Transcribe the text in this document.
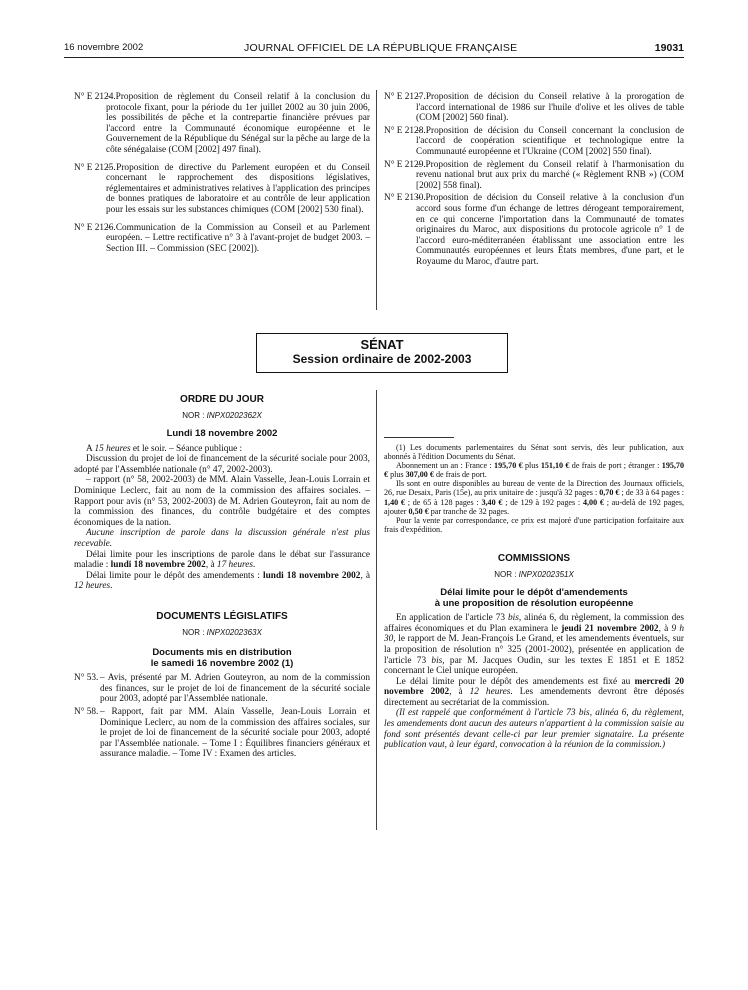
16 novembre 2002	JOURNAL OFFICIEL DE LA RÉPUBLIQUE FRANÇAISE	19031
N° E 2124.
– Proposition de règlement du Conseil relatif à la conclusion du protocole fixant, pour la période du 1er juillet 2002 au 30 juin 2006, les possibilités de pêche et la contrepartie financière prévues par l'accord entre la Communauté économique européenne et le Gouvernement de la République du Sénégal sur la pêche au large de la côte sénégalaise (COM [2002] 497 final).
N° E 2125.
– Proposition de directive du Parlement européen et du Conseil concernant le rapprochement des dispositions législatives, réglementaires et administratives relatives à l'application des principes de bonnes pratiques de laboratoire et au contrôle de leur application pour les essais sur les substances chimiques (COM [2002] 530 final).
N° E 2126.
– Communication de la Commission au Conseil et au Parlement européen. – Lettre rectificative n° 3 à l'avant-projet de budget 2003. – Section III. – Commission (SEC [2002]).
N° E 2127.
– Proposition de décision du Conseil relative à la prorogation de l'accord international de 1986 sur l'huile d'olive et les olives de table (COM [2002] 560 final).
N° E 2128.
– Proposition de décision du Conseil concernant la conclusion de l'accord de coopération scientifique et technologique entre la Communauté européenne et l'Ukraine (COM [2002] 550 final).
N° E 2129.
– Proposition de règlement du Conseil relatif à l'harmonisation du revenu national brut aux prix du marché (« Règlement RNB ») (COM [2002] 558 final).
N° E 2130.
– Proposition de décision du Conseil relative à la conclusion d'un accord sous forme d'un échange de lettres dérogeant temporairement, en ce qui concerne l'importation dans la Communauté de tomates originaires du Maroc, aux dispositions du protocole agricole n° 1 de l'accord euro-méditerranéen établissant une association entre les Communautés européennes et leurs États membres, d'une part, et le Royaume du Maroc, d'autre part.
SÉNAT
Session ordinaire de 2002-2003
ORDRE DU JOUR
NOR : INPX0202362X
Lundi 18 novembre 2002

A 15 heures et le soir. – Séance publique :

Discussion du projet de loi de financement de la sécurité sociale pour 2003, adopté par l'Assemblée nationale (n° 47, 2002-2003).

– rapport (n° 58, 2002-2003) de MM. Alain Vasselle, Jean-Louis Lorrain et Dominique Leclerc, fait au nom de la commission des affaires sociales. – Rapport pour avis (n° 53, 2002-2003) de M. Adrien Gouteyron, fait au nom de la commission des finances, du contrôle budgétaire et des comptes économiques de la nation.

Aucune inscription de parole dans la discussion générale n'est plus recevable.

Délai limite pour les inscriptions de parole dans le débat sur l'assurance maladie : lundi 18 novembre 2002, à 17 heures.

Délai limite pour le dépôt des amendements : lundi 18 novembre 2002, à 12 heures.

DOCUMENTS LÉGISLATIFS
NOR : INPX0202363X
Documents mis en distribution
le samedi 16 novembre 2002 (1)
N° 53. – Avis, présenté par M. Adrien Gouteyron, au nom de la commission des finances, sur le projet de loi de financement de la sécurité sociale pour 2003, adopté par l'Assemblée nationale.
N° 58. – Rapport, fait par MM. Alain Vasselle, Jean-Louis Lorrain et Dominique Leclerc, au nom de la commission des affaires sociales, sur le projet de loi de financement de la sécurité sociale pour 2003, adopté par l'Assemblée nationale. – Tome I : Équilibres financiers généraux et assurance maladie. – Tome IV : Examen des articles.

(1) Les documents parlementaires du Sénat sont servis, dès leur publication, aux abonnés à l'édition Documents du Sénat.

Abonnement un an : France : 195,70 € plus 151,10 € de frais de port ; étranger : 195,70 € plus 307,00 € de frais de port.

Ils sont en outre disponibles au bureau de vente de la Direction des Journaux officiels, 26, rue Desaix, Paris (15e), au prix unitaire de : jusqu'à 32 pages : 0,70 € ; de 33 à 64 pages : 1,40 € ; de 65 à 128 pages : 3,40 € ; de 129 à 192 pages : 4,00 € ; au-delà de 192 pages, ajouter 0,50 € par tranche de 32 pages.

Pour la vente par correspondance, ce prix est majoré d'une participation forfaitaire aux frais d'expédition.

COMMISSIONS
NOR : INPX0202351X
Délai limite pour le dépôt d'amendements
à une proposition de résolution européenne

En application de l'article 73 bis, alinéa 6, du règlement, la commission des affaires économiques et du Plan examinera le jeudi 21 novembre 2002, à 9 h 30, le rapport de M. Jean-François Le Grand, et les amendements éventuels, sur la proposition de résolution n° 325 (2001-2002), présentée en application de l'article 73 bis, par M. Jacques Oudin, sur les textes E 1851 et E 1852 concernant le Ciel unique européen.

Le délai limite pour le dépôt des amendements est fixé au mercredi 20 novembre 2002, à 12 heures. Les amendements devront être déposés directement au secrétariat de la commission.

(Il est rappelé que conformément à l'article 73 bis, alinéa 6, du règlement, les amendements dont aucun des auteurs n'appartient à la commission saisie au fond sont présentés devant celle-ci par leur premier signataire. La présente publication vaut, à leur égard, convocation à la réunion de la commission.)
